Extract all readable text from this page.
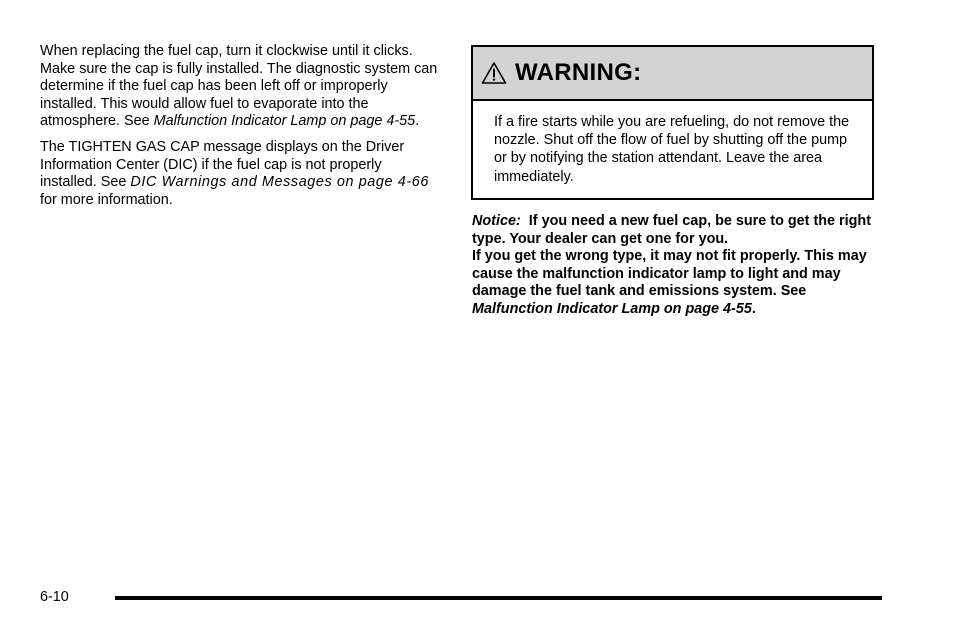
When replacing the fuel cap, turn it clockwise until it clicks. Make sure the cap is fully installed. The diagnostic system can determine if the fuel cap has been left off or improperly installed. This would allow fuel to evaporate into the atmosphere. See Malfunction Indicator Lamp on page 4-55.

The TIGHTEN GAS CAP message displays on the Driver Information Center (DIC) if the fuel cap is not properly installed. See DIC Warnings and Messages on page 4-66 for more information.

WARNING:
If a fire starts while you are refueling, do not remove the nozzle. Shut off the flow of fuel by shutting off the pump or by notifying the station attendant. Leave the area immediately.
Notice: If you need a new fuel cap, be sure to get the right type. Your dealer can get one for you.
If you get the wrong type, it may not fit properly. This may cause the malfunction indicator lamp to light and may damage the fuel tank and emissions system. See Malfunction Indicator Lamp on page 4-55.
6-10
